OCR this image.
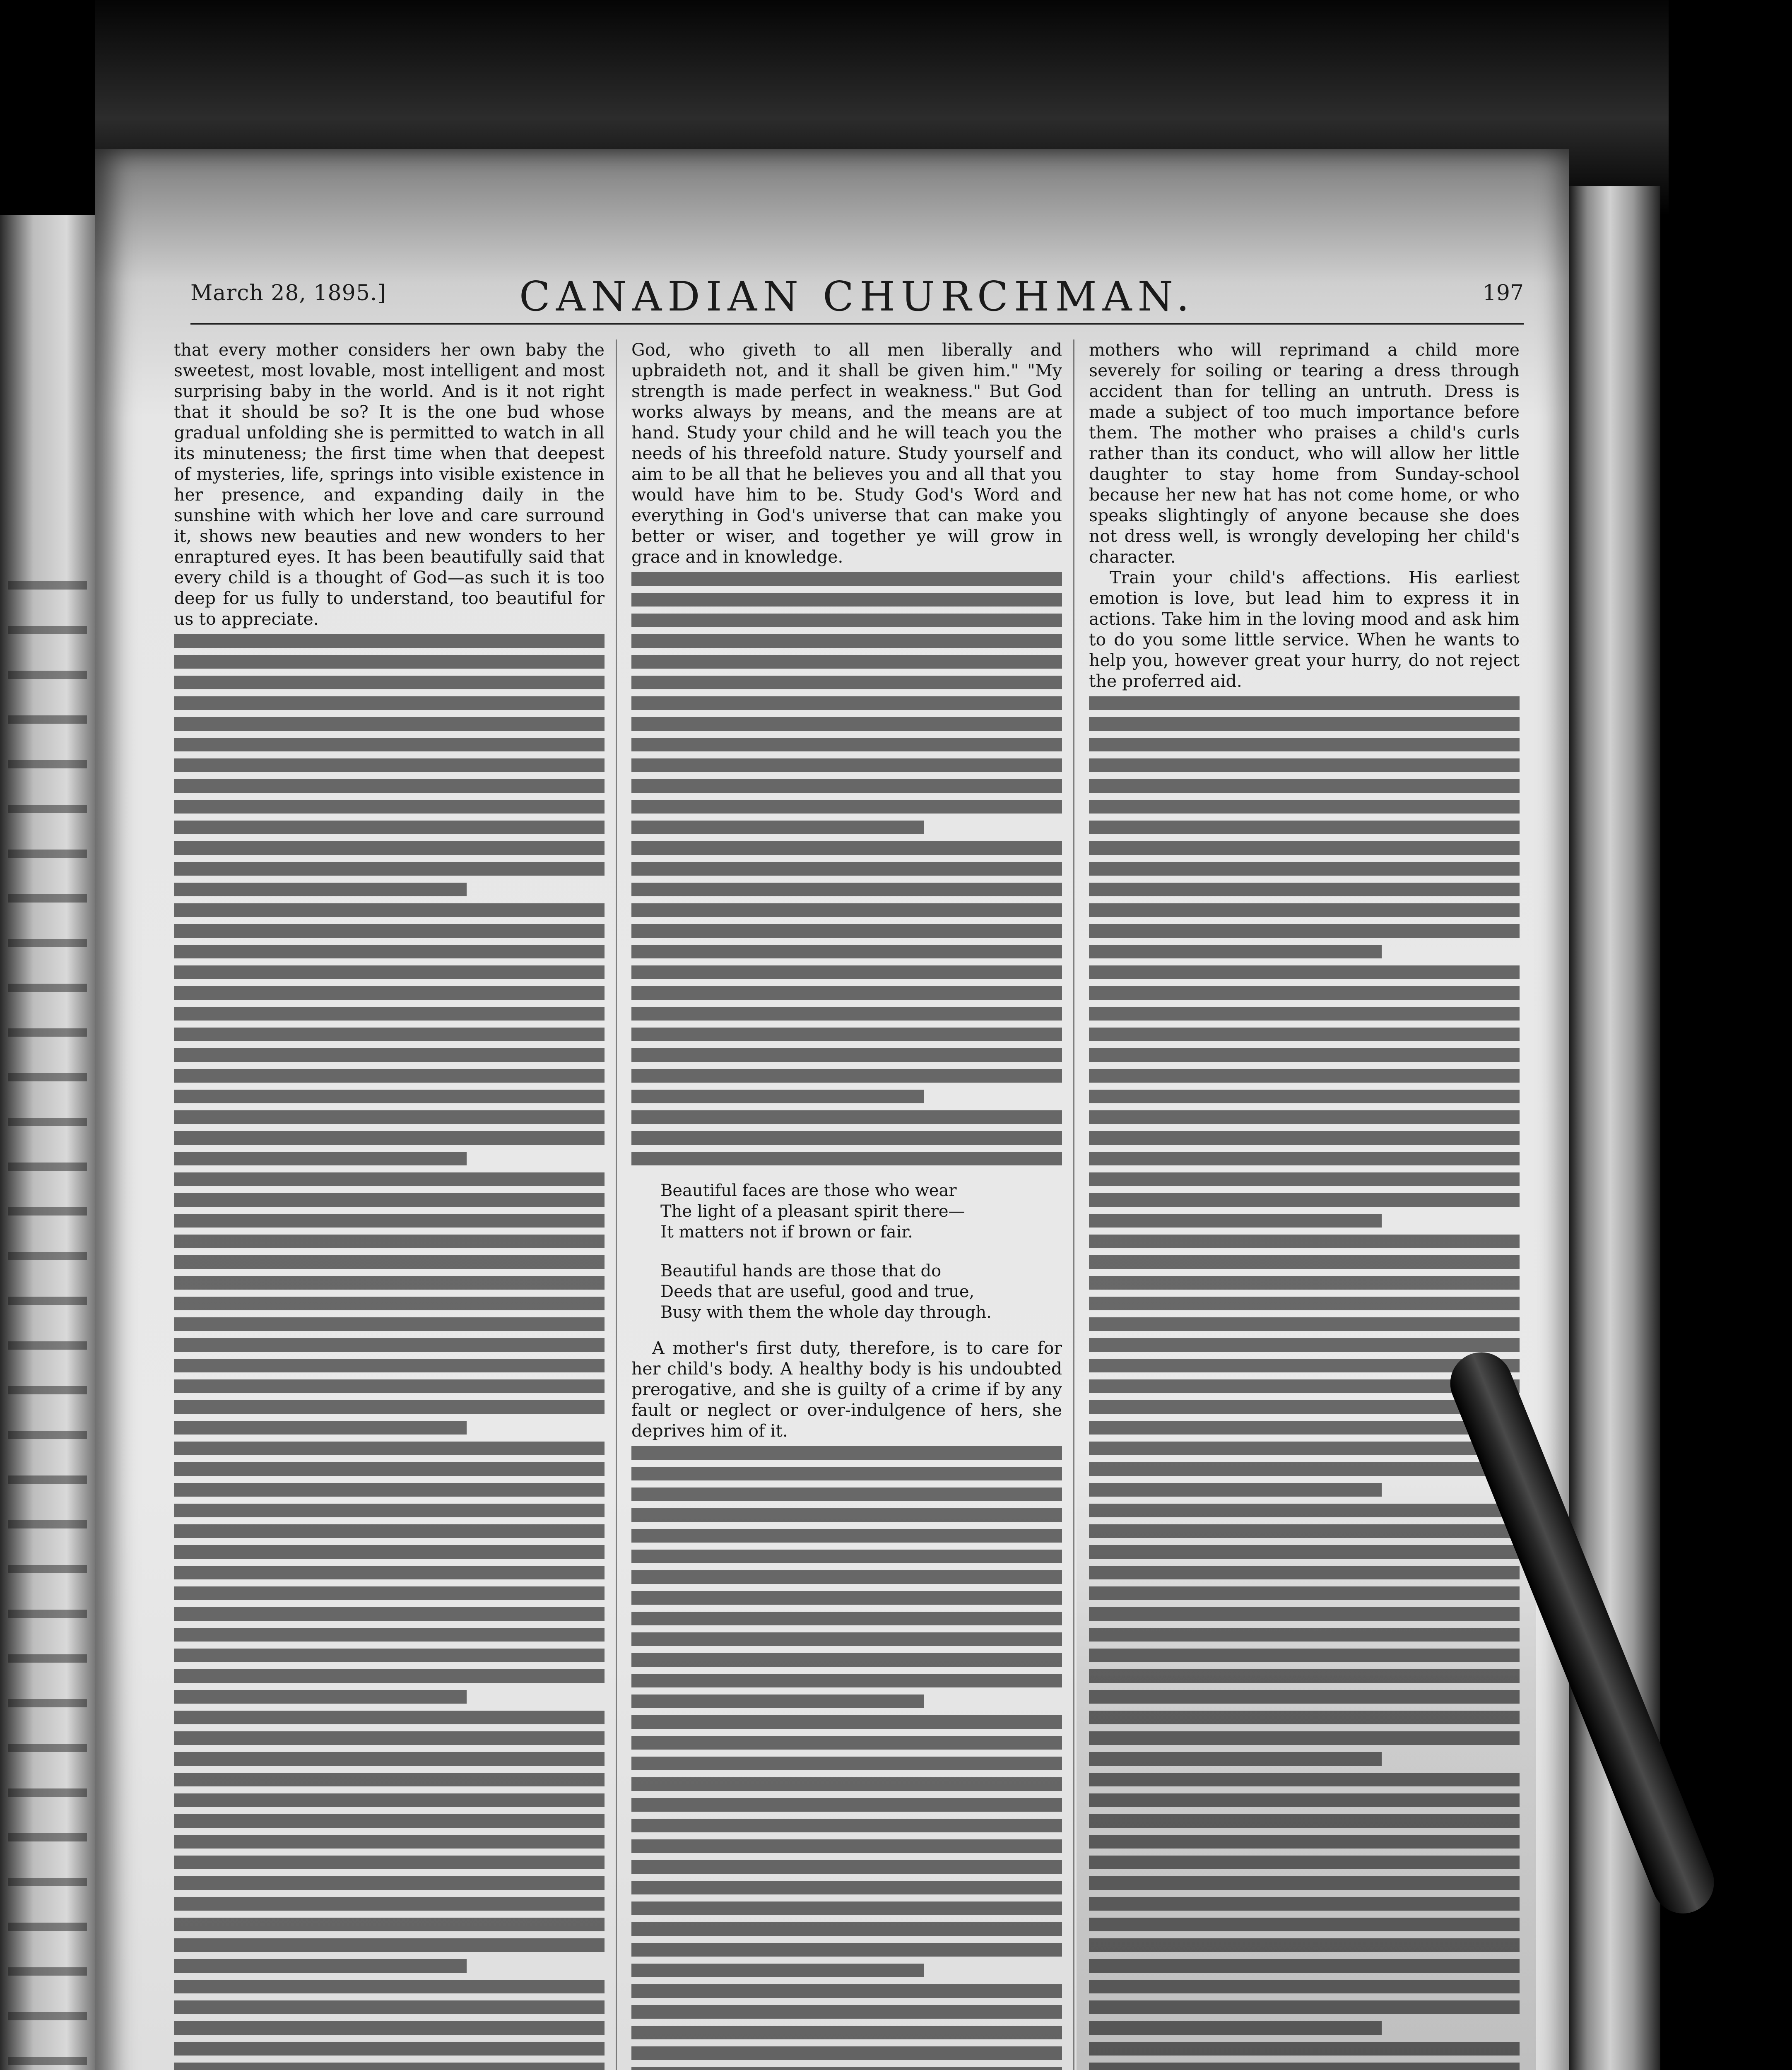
March 28, 1895.]	CANADIAN CHURCHMAN.	197

that every mother considers her own baby the sweetest, most lovable, most intelligent and most surprising baby in the world. And is it not right that it should be so? It is the one bud whose gradual unfolding she is permitted to watch in all its minuteness; the first time when that deepest of mysteries, life, springs into visible existence in her presence, and expanding daily in the sunshine with which her love and care surround it, shows new beauties and new wonders to her enraptured eyes. It has been beautifully said that every child is a thought of God—as such it is too deep for us fully to understand, too beautiful for us to appreciate.

God, who giveth to all men liberally and upbraideth not, and it shall be given him." "My strength is made perfect in weakness." But God works always by means, and the means are at hand. Study your child and he will teach you the needs of his threefold nature. Study yourself and aim to be all that he believes you and all that you would have him to be. Study God's Word and everything in God's universe that can make you better or wiser, and together ye will grow in grace and in knowledge.

Beautiful faces are those who wear
The light of a pleasant spirit there—
It matters not if brown or fair.
Beautiful hands are those that do
Deeds that are useful, good and true,
Busy with them the whole day through.

A mother's first duty, therefore, is to care for her child's body. A healthy body is his undoubted prerogative, and she is guilty of a crime if by any fault or neglect or over-indulgence of hers, she deprives him of it.

mothers who will reprimand a child more severely for soiling or tearing a dress through accident than for telling an untruth. Dress is made a subject of too much importance before them. The mother who praises a child's curls rather than its conduct, who will allow her little daughter to stay home from Sunday-school because her new hat has not come home, or who speaks slightingly of anyone because she does not dress well, is wrongly developing her child's character.

Train your child's affections. His earliest emotion is love, but lead him to express it in actions. Take him in the loving mood and ask him to do you some little service. When he wants to help you, however great your hurry, do not reject the proferred aid.
